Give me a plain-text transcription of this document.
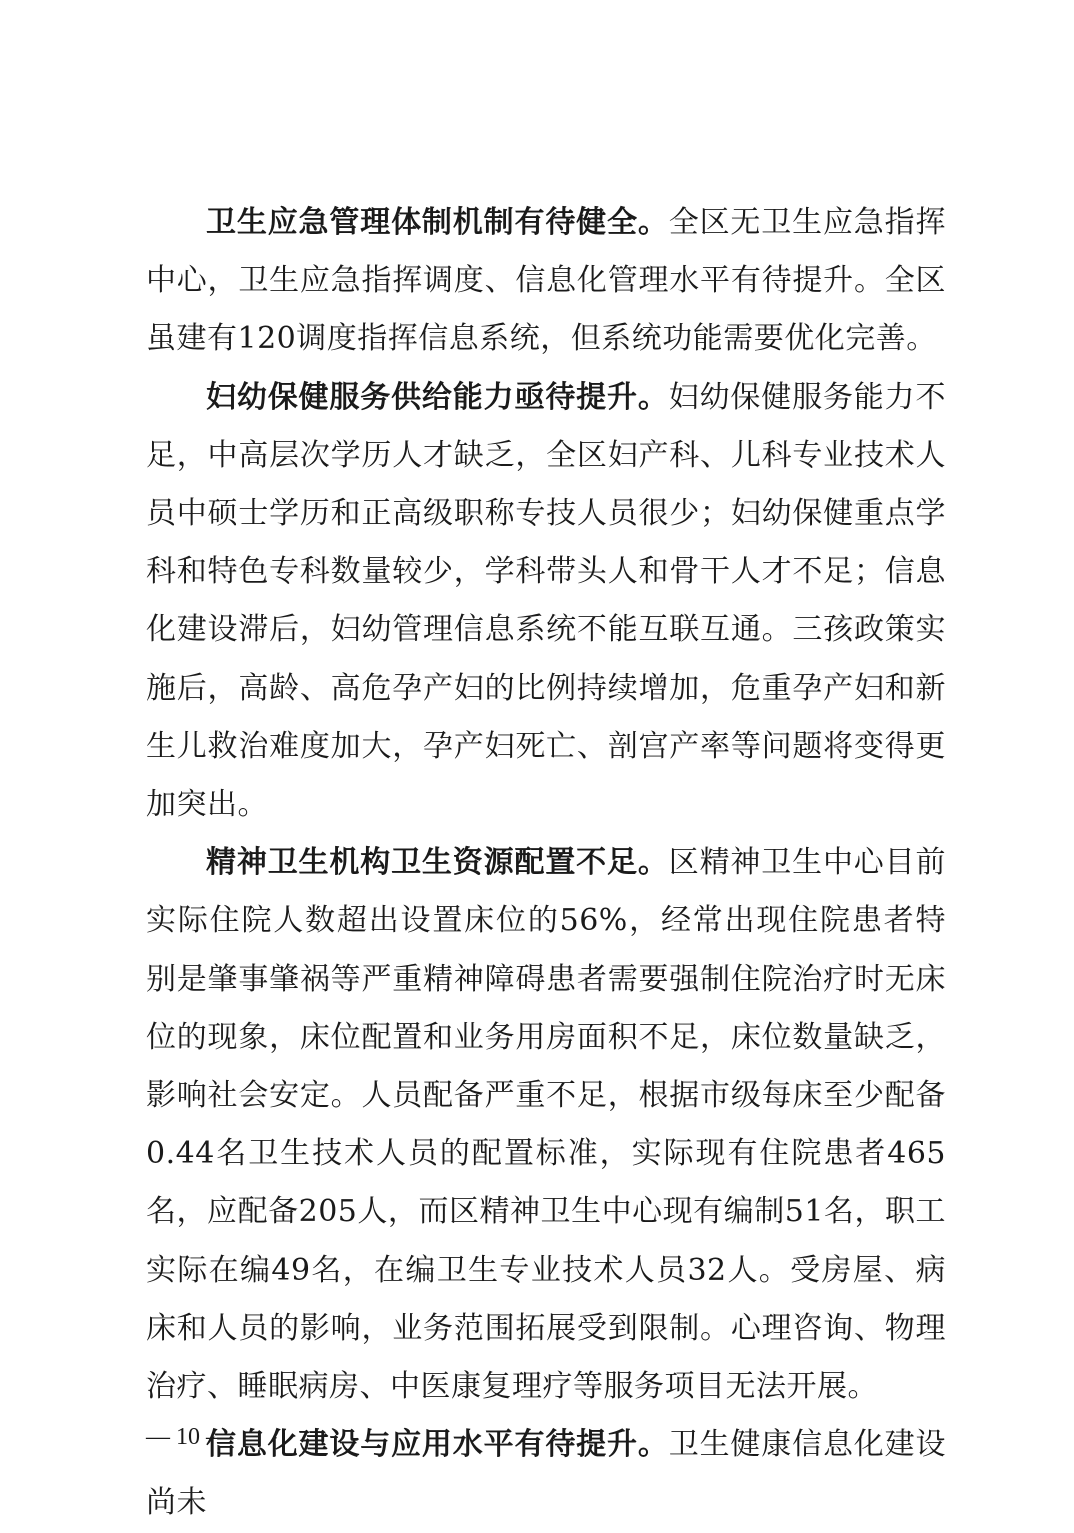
卫生应急管理体制机制有待健全。全区无卫生应急指挥中心，卫生应急指挥调度、信息化管理水平有待提升。全区虽建有120调度指挥信息系统，但系统功能需要优化完善。

妇幼保健服务供给能力亟待提升。妇幼保健服务能力不足，中高层次学历人才缺乏，全区妇产科、儿科专业技术人员中硕士学历和正高级职称专技人员很少；妇幼保健重点学科和特色专科数量较少，学科带头人和骨干人才不足；信息化建设滞后，妇幼管理信息系统不能互联互通。三孩政策实施后，高龄、高危孕产妇的比例持续增加，危重孕产妇和新生儿救治难度加大，孕产妇死亡、剖宫产率等问题将变得更加突出。

精神卫生机构卫生资源配置不足。区精神卫生中心目前实际住院人数超出设置床位的56%，经常出现住院患者特别是肇事肇祸等严重精神障碍患者需要强制住院治疗时无床位的现象，床位配置和业务用房面积不足，床位数量缺乏，影响社会安定。人员配备严重不足，根据市级每床至少配备0.44名卫生技术人员的配置标准，实际现有住院患者465名，应配备205人，而区精神卫生中心现有编制51名，职工实际在编49名，在编卫生专业技术人员32人。受房屋、病床和人员的影响，业务范围拓展受到限制。心理咨询、物理治疗、睡眠病房、中医康复理疗等服务项目无法开展。

信息化建设与应用水平有待提升。卫生健康信息化建设尚未

— 10 —
